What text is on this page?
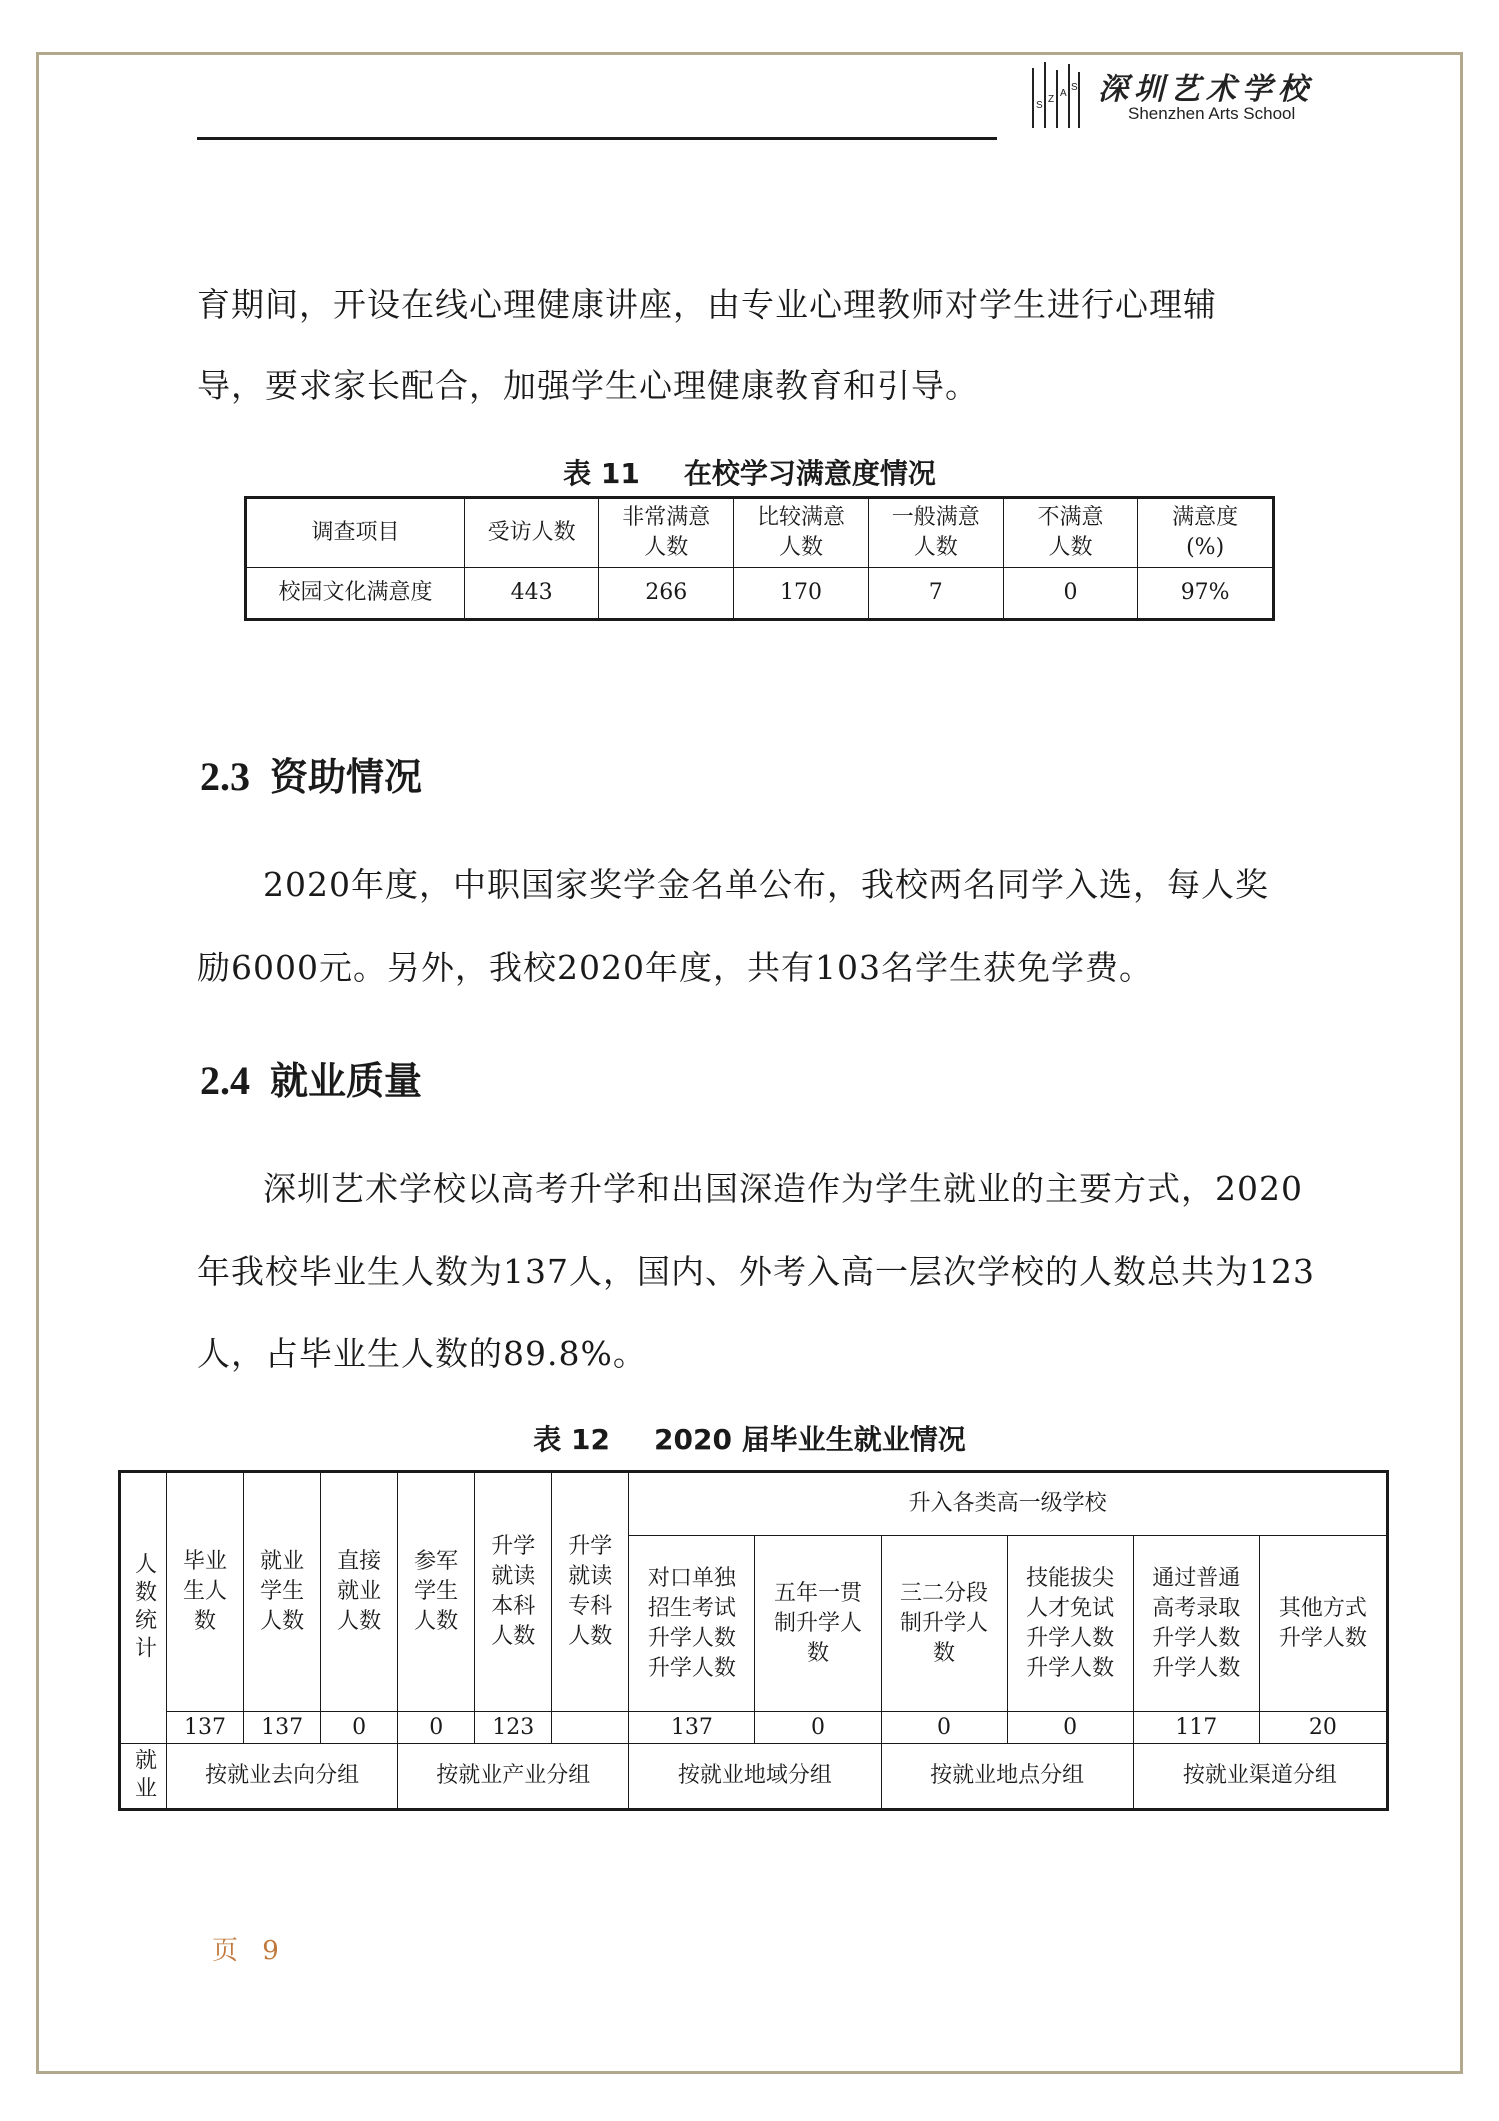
S
Z
A
S 深圳艺术学校
Shenzhen Arts School

育期间，开设在线心理健康讲座，由专业心理教师对学生进行心理辅

导，要求家长配合，加强学生心理健康教育和引导。

表 11 在校学习满意度情况
调查项目	受访人数	非常满意人数	比较满意人数	一般满意人数	不满意人数	满意度(%)

校园文化满意度	443	266	170	7	0	97%
2.3 资助情况

2020年度，中职国家奖学金名单公布，我校两名同学入选，每人奖

励6000元。另外，我校2020年度，共有103名学生获免学费。

2.4 就业质量

深圳艺术学校以高考升学和出国深造作为学生就业的主要方式，2020

年我校毕业生人数为137人，国内、外考入高一层次学校的人数总共为123

人，占毕业生人数的89.8%。

表 12 2020 届毕业生就业情况
人数统计	毕业生人数	就业学生人数	直接就业人数	参军学生人数	升学就读本科人数	升学就读专科人数	升入各类高一级学校					

							对口单独招生考试升学人数升学人数	五年一贯制升学人数	三二分段制升学人数	技能拔尖人才免试升学人数升学人数	通过普通高考录取升学人数升学人数	其他方式升学人数

	137	137	0	0	123		137	0	0	0	117	20

就业	按就业去向分组			按就业产业分组			按就业地域分组		按就业地点分组		按就业渠道分组	
页 9
